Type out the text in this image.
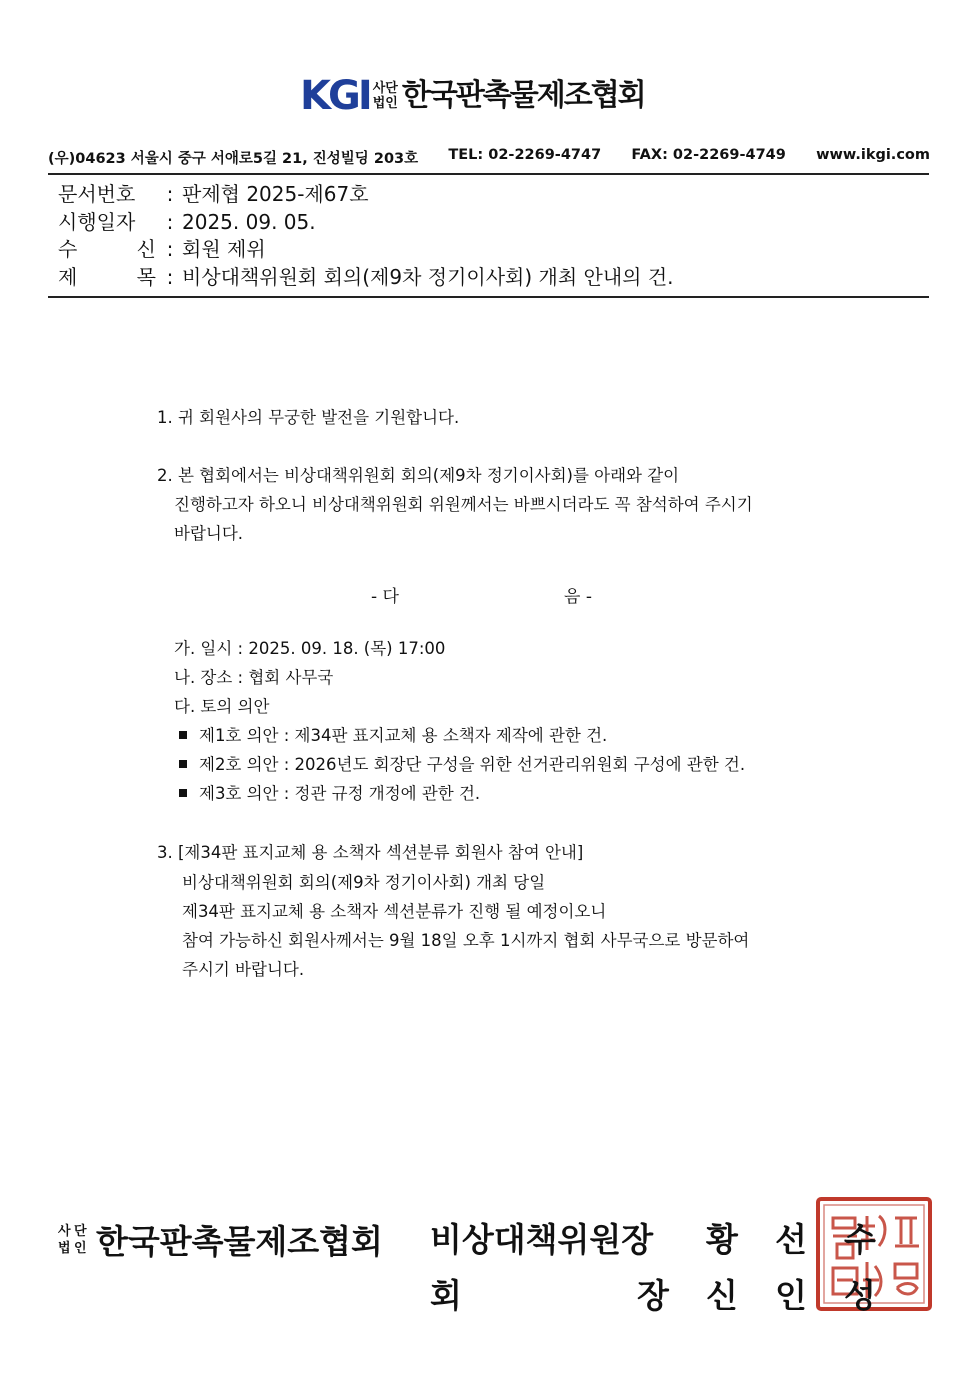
KGI 사단
법인 한국판촉물제조협회
(우)04623 서울시 중구 서애로5길 21, 진성빌딩 203호 TEL: 02-2269-4747 FAX: 02-2269-4749 www.ikgi.com
문서번호	: 판제협 2025-제67호
시행일자	: 2025. 09. 05.
수 신 : 회원 제위
제 목 : 비상대책위원회 회의(제9차 정기이사회) 개최 안내의 건.
1. 귀 회원사의 무궁한 발전을 기원합니다.
2. 본 협회에서는 비상대책위원회 회의(제9차 정기이사회)를 아래와 같이
진행하고자 하오니 비상대책위원회 위원께서는 바쁘시더라도 꼭 참석하여 주시기
바랍니다.
- 다	음 -
가. 일시 : 2025. 09. 18. (목) 17:00
나. 장소 : 협회 사무국
다. 토의 의안
제1호 의안 : 제34판 표지교체 용 소책자 제작에 관한 건.
제2호 의안 : 2026년도 회장단 구성을 위한 선거관리위원회 구성에 관한 건.
제3호 의안 : 정관 규정 개정에 관한 건.
3. [제34판 표지교체 용 소책자 섹션분류 회원사 참여 안내]
비상대책위원회 회의(제9차 정기이사회) 개최 당일
제34판 표지교체 용 소책자 섹션분류가 진행 될 예정이오니
참여 가능하신 회원사께서는 9월 18일 오후 1시까지 협회 사무국으로 방문하여
주시기 바랍니다.
사 단
법 인 한국판촉물제조협회 비상대책위원장 황 선
회	장 신 인
수
성
